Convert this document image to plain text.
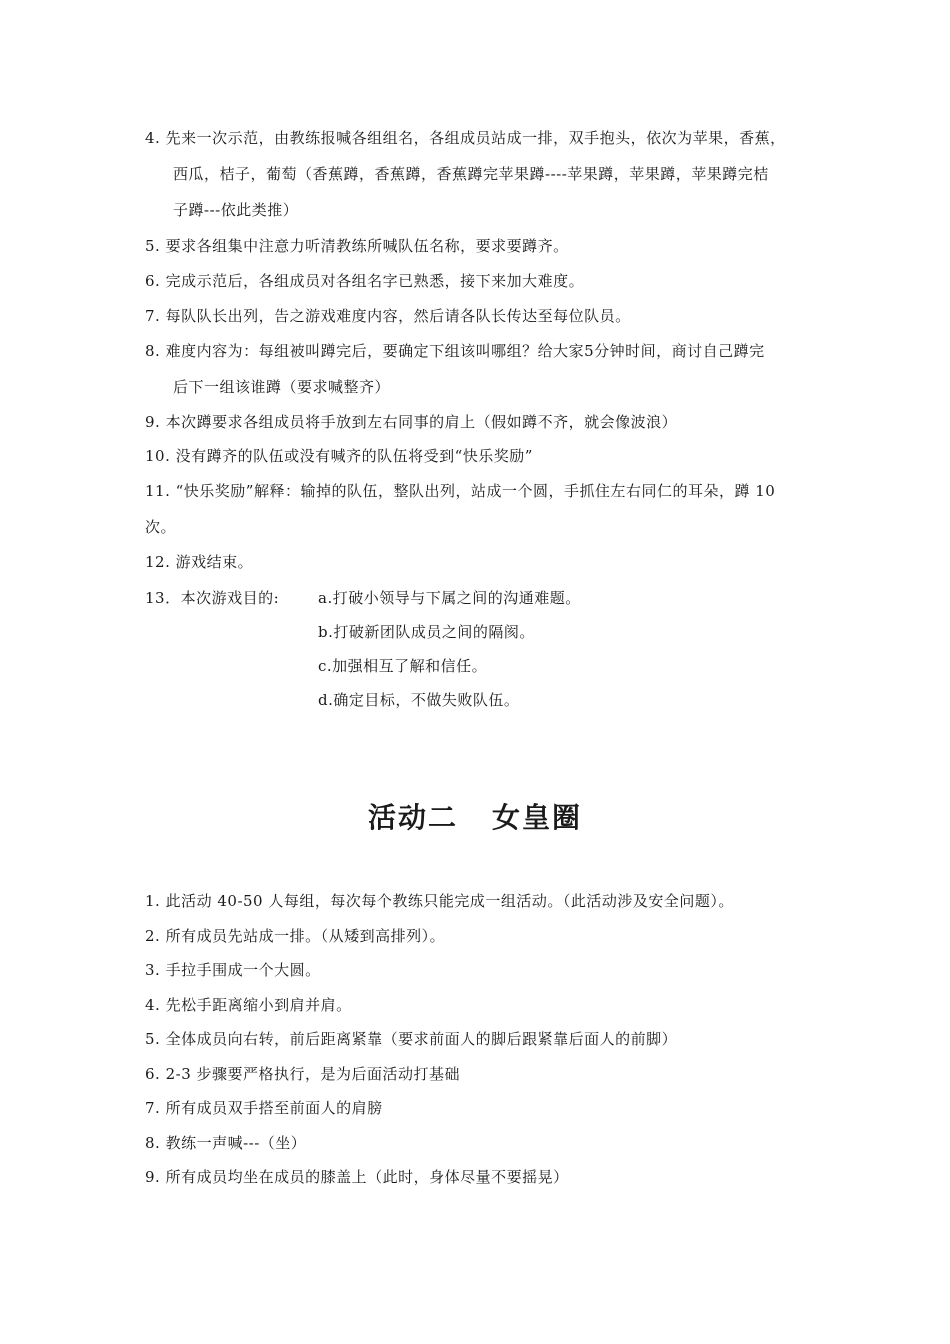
4. 先来一次示范，由教练报喊各组组名，各组成员站成一排，双手抱头，依次为苹果，香蕉，

西瓜，桔子，葡萄（香蕉蹲，香蕉蹲，香蕉蹲完苹果蹲----苹果蹲，苹果蹲，苹果蹲完桔
子蹲---依此类推）
5. 要求各组集中注意力听清教练所喊队伍名称，要求要蹲齐。
6. 完成示范后，各组成员对各组名字已熟悉，接下来加大难度。
7. 每队队长出列，告之游戏难度内容，然后请各队长传达至每位队员。
8. 难度内容为：每组被叫蹲完后，要确定下组该叫哪组？给大家5分钟时间，商讨自己蹲完
后下一组该谁蹲（要求喊整齐）
9. 本次蹲要求各组成员将手放到左右同事的肩上（假如蹲不齐，就会像波浪）
10. 没有蹲齐的队伍或没有喊齐的队伍将受到“快乐奖励”
11. “快乐奖励”解释：输掉的队伍，整队出列，站成一个圆，手抓住左右同仁的耳朵，蹲 10
次。
12. 游戏结束。
13．本次游戏目的:	a.打破小领导与下属之间的沟通难题。
b.打破新团队成员之间的隔阂。
c.加强相互了解和信任。
d.确定目标，不做失败队伍。
活动二 女皇圈
1. 此活动 40-50 人每组，每次每个教练只能完成一组活动。（此活动涉及安全问题）。
2. 所有成员先站成一排。（从矮到高排列）。
3. 手拉手围成一个大圆。
4. 先松手距离缩小到肩并肩。
5. 全体成员向右转，前后距离紧靠（要求前面人的脚后跟紧靠后面人的前脚）
6. 2-3 步骤要严格执行，是为后面活动打基础
7. 所有成员双手搭至前面人的肩膀
8. 教练一声喊---（坐）
9. 所有成员均坐在成员的膝盖上（此时，身体尽量不要摇晃）
